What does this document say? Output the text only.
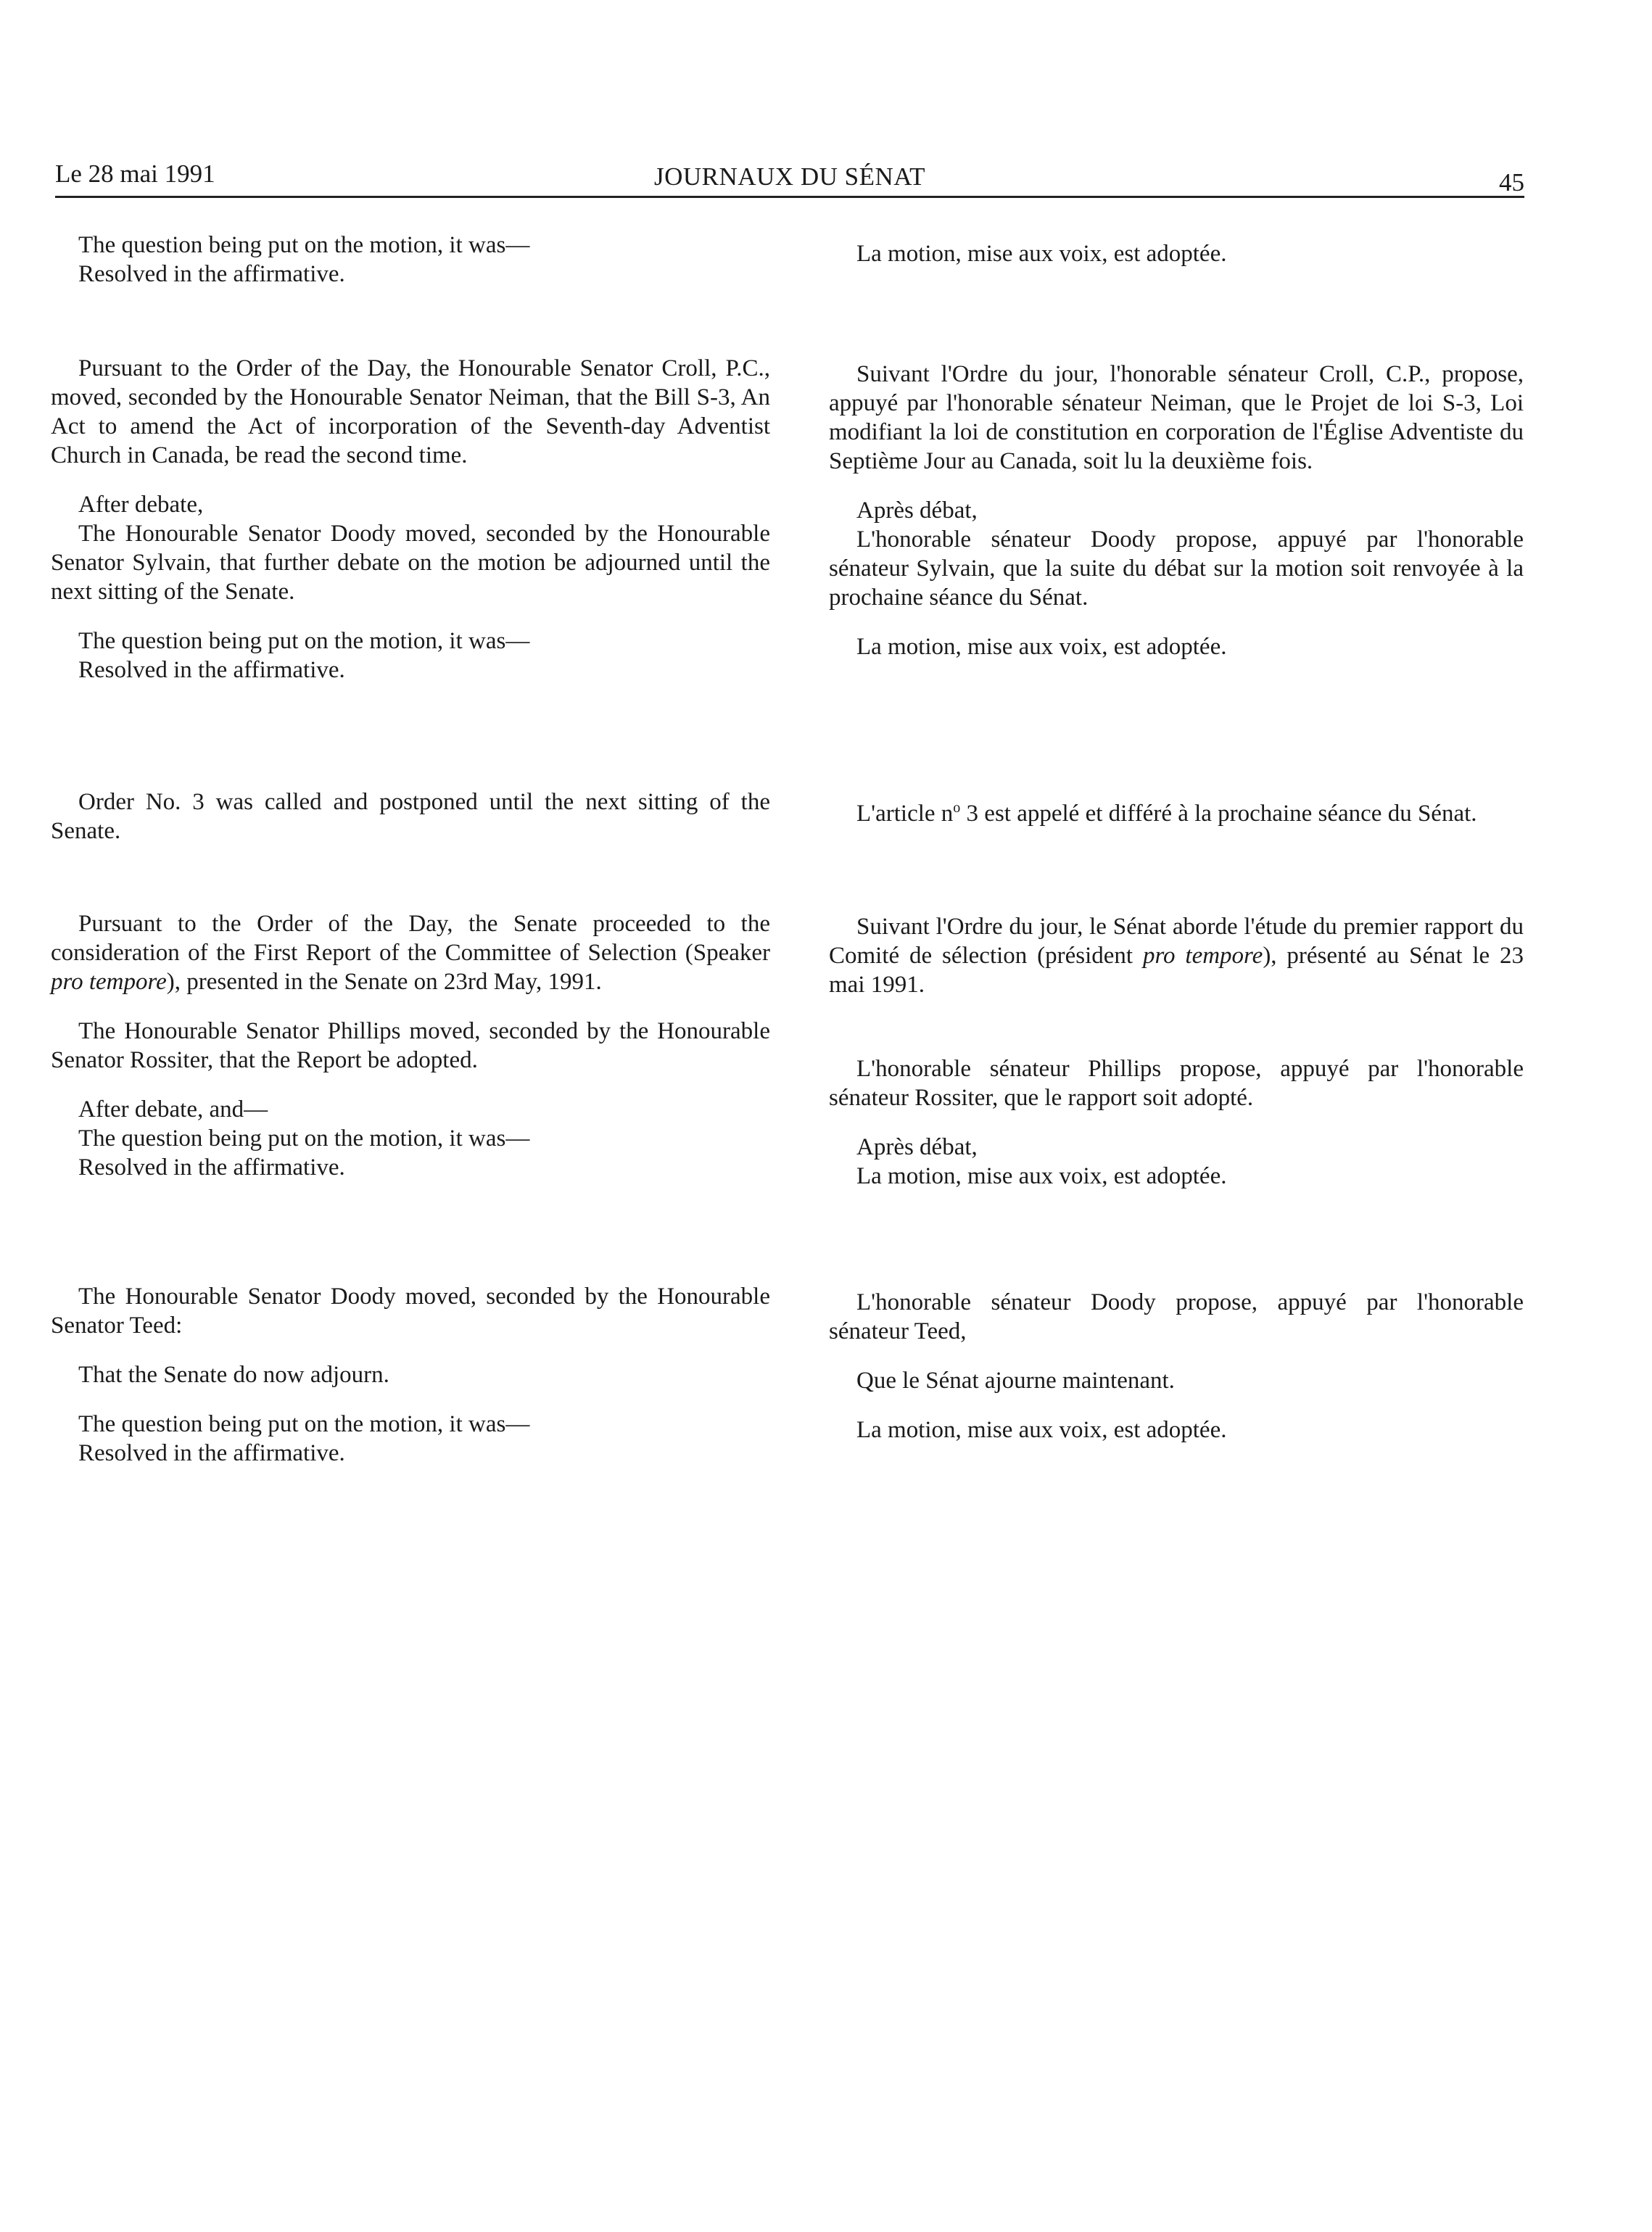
Le 28 mai 1991	JOURNAUX DU SÉNAT	45

The question being put on the motion, it was—

Resolved in the affirmative.

Pursuant to the Order of the Day, the Honourable Senator Croll, P.C., moved, seconded by the Honourable Senator Neiman, that the Bill S-3, An Act to amend the Act of incorporation of the Seventh-day Adventist Church in Canada, be read the second time.

After debate,

The Honourable Senator Doody moved, seconded by the Honourable Senator Sylvain, that further debate on the motion be adjourned until the next sitting of the Senate.

The question being put on the motion, it was—

Resolved in the affirmative.

Order No. 3 was called and postponed until the next sitting of the Senate.

Pursuant to the Order of the Day, the Senate proceeded to the consideration of the First Report of the Committee of Selection (Speaker pro tempore), presented in the Senate on 23rd May, 1991.

The Honourable Senator Phillips moved, seconded by the Honourable Senator Rossiter, that the Report be adopted.

After debate, and—

The question being put on the motion, it was—

Resolved in the affirmative.

The Honourable Senator Doody moved, seconded by the Honourable Senator Teed:

That the Senate do now adjourn.

The question being put on the motion, it was—

Resolved in the affirmative.

La motion, mise aux voix, est adoptée.

Suivant l'Ordre du jour, l'honorable sénateur Croll, C.P., propose, appuyé par l'honorable sénateur Neiman, que le Projet de loi S-3, Loi modifiant la loi de constitution en corporation de l'Église Adventiste du Septième Jour au Canada, soit lu la deuxième fois.

Après débat,

L'honorable sénateur Doody propose, appuyé par l'honorable sénateur Sylvain, que la suite du débat sur la motion soit renvoyée à la prochaine séance du Sénat.

La motion, mise aux voix, est adoptée.

L'article $n^o$ 3 est appelé et différé à la prochaine séance du Sénat.

Suivant l'Ordre du jour, le Sénat aborde l'étude du premier rapport du Comité de sélection (président pro tempore), présenté au Sénat le 23 mai 1991.

L'honorable sénateur Phillips propose, appuyé par l'honorable sénateur Rossiter, que le rapport soit adopté.

Après débat,

La motion, mise aux voix, est adoptée.

L'honorable sénateur Doody propose, appuyé par l'honorable sénateur Teed,

Que le Sénat ajourne maintenant.

La motion, mise aux voix, est adoptée.
